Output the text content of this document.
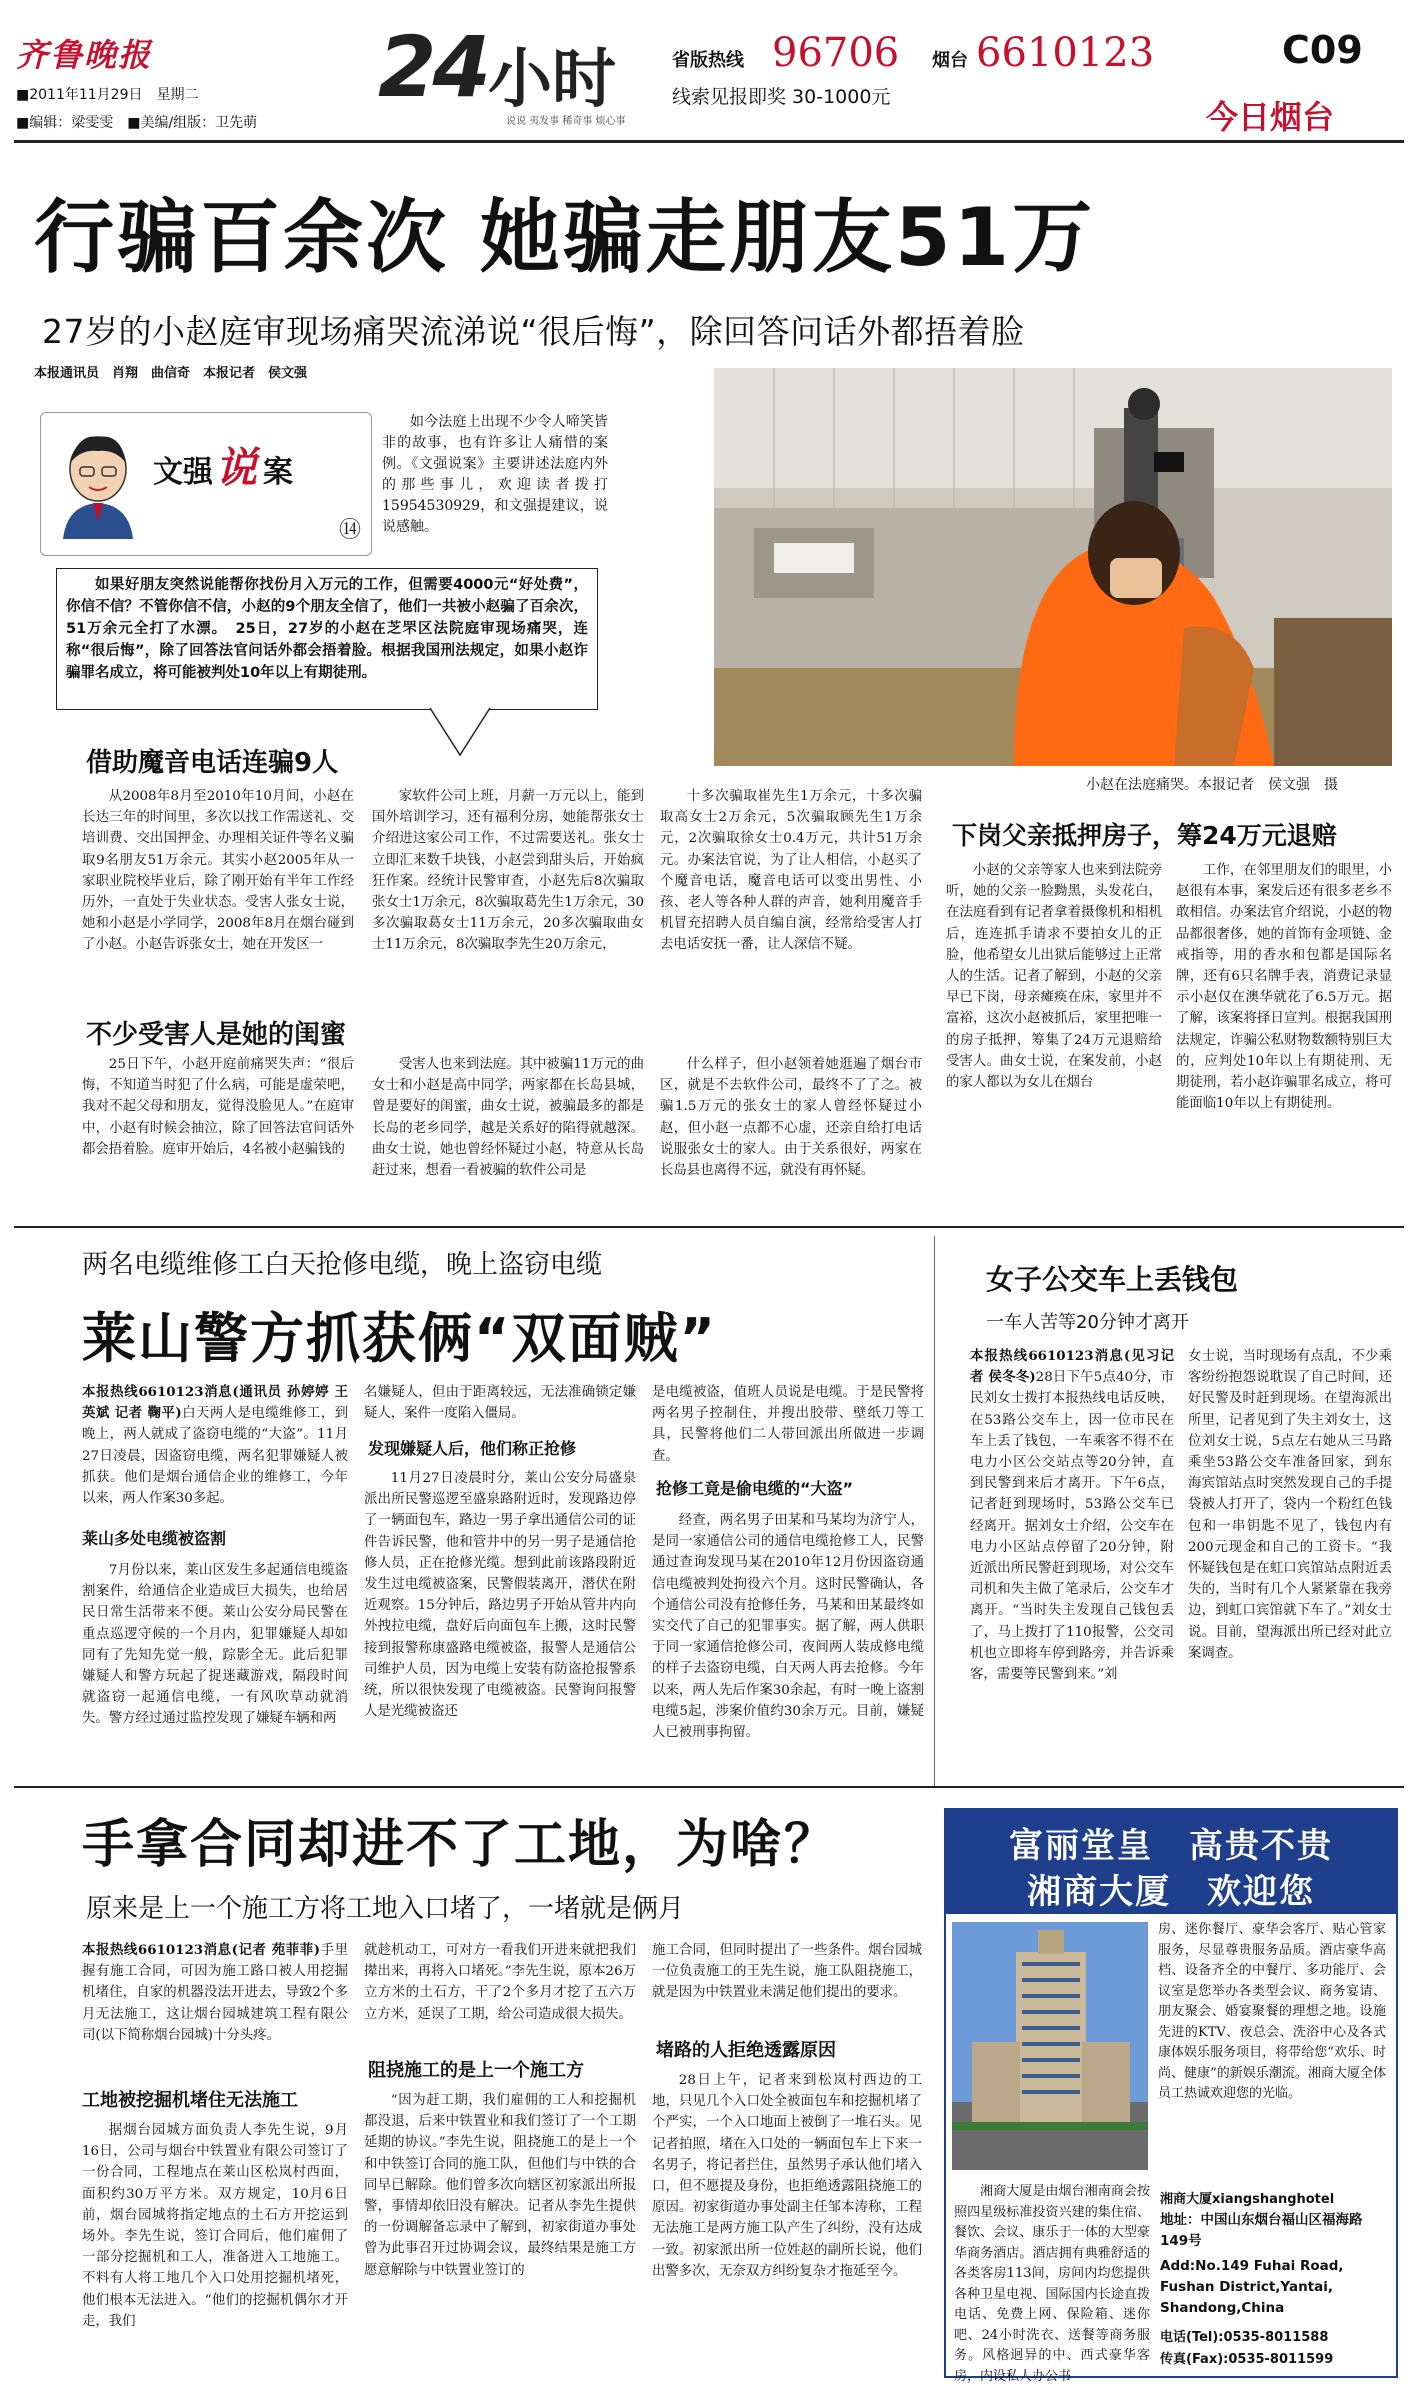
齐鲁晚报
■2011年11月29日　星期二
■编辑：梁雯雯　■美编/组版：卫先萌
24 小时
说说 夷发事 稀奇事 烦心事
省版热线 96706 烟台 6610123
线索见报即奖 30-1000元
C09
今日烟台
行骗百余次 她骗走朋友51万
27岁的小赵庭审现场痛哭流涕说“很后悔”，除回答问话外都捂着脸
本报通讯员　肖翔　曲信奇　本报记者　侯文强
文强 说 案
⑭

如今法庭上出现不少令人啼笑皆非的故事，也有许多让人痛惜的案例。《文强说案》主要讲述法庭内外的那些事儿，欢迎读者拨打15954530929，和文强提建议，说说感触。

如果好朋友突然说能帮你找份月入万元的工作，但需要4000元“好处费”，你信不信？不管你信不信，小赵的9个朋友全信了，他们一共被小赵骗了百余次，51万余元全打了水漂。　25日，27岁的小赵在芝罘区法院庭审现场痛哭，连称“很后悔”，除了回答法官问话外都会捂着脸。根据我国刑法规定，如果小赵诈骗罪名成立，将可能被判处10年以上有期徒刑。

小赵在法庭痛哭。本报记者　侯文强　摄
借助魔音电话连骗9人

从2008年8月至2010年10月间，小赵在长达三年的时间里，多次以找工作需送礼、交培训费、交出国押金、办理相关证件等名义骗取9名朋友51万余元。其实小赵2005年从一家职业院校毕业后，除了刚开始有半年工作经历外，一直处于失业状态。受害人张女士说，她和小赵是小学同学，2008年8月在烟台碰到了小赵。小赵告诉张女士，她在开发区一

家软件公司上班，月薪一万元以上，能到国外培训学习，还有福利分房，她能帮张女士介绍进这家公司工作，不过需要送礼。张女士立即汇来数千块钱，小赵尝到甜头后，开始疯狂作案。经统计民警审查，小赵先后8次骗取张女士1万余元，8次骗取葛先生1万余元，30多次骗取葛女士11万余元，20多次骗取曲女士11万余元，8次骗取李先生20万余元，

十多次骗取崔先生1万余元，十多次骗取高女士2万余元，5次骗取顾先生1万余元，2次骗取徐女士0.4万元，共计51万余元。办案法官说，为了让人相信，小赵买了个魔音电话，魔音电话可以变出男性、小孩、老人等各种人群的声音，她利用魔音手机冒充招聘人员自编自演，经常给受害人打去电话安抚一番，让人深信不疑。

不少受害人是她的闺蜜

25日下午，小赵开庭前痛哭失声：“很后悔，不知道当时犯了什么病，可能是虚荣吧，我对不起父母和朋友，觉得没脸见人。”在庭审中，小赵有时候会抽泣，除了回答法官问话外都会捂着脸。庭审开始后，4名被小赵骗钱的

受害人也来到法庭。其中被骗11万元的曲女士和小赵是高中同学，两家都在长岛县城，曾是要好的闺蜜，曲女士说，被骗最多的都是长岛的老乡同学，越是关系好的陷得就越深。曲女士说，她也曾经怀疑过小赵，特意从长岛赶过来，想看一看被骗的软件公司是

什么样子，但小赵领着她逛遍了烟台市区，就是不去软件公司，最终不了了之。被骗1.5万元的张女士的家人曾经怀疑过小赵，但小赵一点都不心虚，还亲自给打电话说服张女士的家人。由于关系很好，两家在长岛县也离得不远，就没有再怀疑。

下岗父亲抵押房子，筹24万元退赔

小赵的父亲等家人也来到法院旁听，她的父亲一脸黝黑，头发花白，在法庭看到有记者拿着摄像机和相机后，连连抓手请求不要拍女儿的正脸，他希望女儿出狱后能够过上正常人的生活。记者了解到，小赵的父亲早已下岗，母亲瘫痪在床，家里并不富裕，这次小赵被抓后，家里把唯一的房子抵押，筹集了24万元退赔给受害人。曲女士说，在案发前，小赵的家人都以为女儿在烟台

工作，在邻里朋友们的眼里，小赵很有本事，案发后还有很多老乡不敢相信。办案法官介绍说，小赵的物品都很奢侈，她的首饰有金项链、金戒指等，用的香水和包都是国际名牌，还有6只名牌手表，消费记录显示小赵仅在澳华就花了6.5万元。据了解，该案将择日宣判。根据我国刑法规定，诈骗公私财物数额特别巨大的，应判处10年以上有期徒刑、无期徒刑，若小赵诈骗罪名成立，将可能面临10年以上有期徒刑。

两名电缆维修工白天抢修电缆，晚上盗窃电缆
莱山警方抓获俩“双面贼”

本报热线6610123消息(通讯员 孙婷婷 王英斌 记者 鞠平)白天两人是电缆维修工，到晚上，两人就成了盗窃电缆的“大盗”。11月27日凌晨，因盗窃电缆，两名犯罪嫌疑人被抓获。他们是烟台通信企业的维修工，今年以来，两人作案30多起。

莱山多处电缆被盗割

7月份以来，莱山区发生多起通信电缆盗割案件，给通信企业造成巨大损失，也给居民日常生活带来不便。莱山公安分局民警在重点巡逻守候的一个月内，犯罪嫌疑人却如同有了先知先觉一般，踪影全无。此后犯罪嫌疑人和警方玩起了捉迷藏游戏，隔段时间就盗窃一起通信电缆，一有风吹草动就消失。警方经过通过监控发现了嫌疑车辆和两

名嫌疑人，但由于距离较远，无法准确锁定嫌疑人，案件一度陷入僵局。

发现嫌疑人后，他们称正抢修

11月27日凌晨时分，莱山公安分局盛泉派出所民警巡逻至盛泉路附近时，发现路边停了一辆面包车，路边一男子拿出通信公司的证件告诉民警，他和管井中的另一男子是通信抢修人员，正在抢修光缆。想到此前该路段附近发生过电缆被盗案，民警假装离开，潜伏在附近观察。15分钟后，路边男子开始从管井内向外拽拉电缆，盘好后向面包车上搬，这时民警接到报警称康盛路电缆被盗，报警人是通信公司维护人员，因为电缆上安装有防盗抢报警系统，所以很快发现了电缆被盗。民警询问报警人是光缆被盗还

是电缆被盗，值班人员说是电缆。于是民警将两名男子控制住，并搜出胶带、壁纸刀等工具，民警将他们二人带回派出所做进一步调查。

抢修工竟是偷电缆的“大盗”

经查，两名男子田某和马某均为济宁人，是同一家通信公司的通信电缆抢修工人，民警通过查询发现马某在2010年12月份因盗窃通信电缆被判处拘役六个月。这时民警确认，各个通信公司没有抢修任务，马某和田某最终如实交代了自己的犯罪事实。据了解，两人供职于同一家通信抢修公司，夜间两人装成修电缆的样子去盗窃电缆，白天两人再去抢修。今年以来，两人先后作案30余起，有时一晚上盗割电缆5起，涉案价值约30余万元。目前，嫌疑人已被刑事拘留。

女子公交车上丢钱包
一车人苦等20分钟才离开

本报热线6610123消息(见习记者 侯冬冬)28日下午5点40分，市民刘女士拨打本报热线电话反映，在53路公交车上，因一位市民在车上丢了钱包，一车乘客不得不在电力小区公交站点等20分钟，直到民警到来后才离开。下午6点，记者赶到现场时，53路公交车已经离开。据刘女士介绍，公交车在电力小区站点停留了20分钟，附近派出所民警赶到现场，对公交车司机和失主做了笔录后，公交车才离开。“当时失主发现自己钱包丢了，马上拨打了110报警，公交司机也立即将车停到路旁，并告诉乘客，需要等民警到来。”刘

女士说，当时现场有点乱，不少乘客纷纷抱怨说耽误了自己时间，还好民警及时赶到现场。在望海派出所里，记者见到了失主刘女士，这位刘女士说，5点左右她从三马路乘坐53路公交车准备回家，到东海宾馆站点时突然发现自己的手提袋被人打开了，袋内一个粉红色钱包和一串钥匙不见了，钱包内有200元现金和自己的工资卡。“我怀疑钱包是在虹口宾馆站点附近丢失的，当时有几个人紧紧靠在我旁边，到虹口宾馆就下车了。”刘女士说。目前，望海派出所已经对此立案调查。

手拿合同却进不了工地，为啥？
原来是上一个施工方将工地入口堵了，一堵就是俩月

本报热线6610123消息(记者 苑菲菲)手里握有施工合同，可因为施工路口被人用挖掘机堵住，自家的机器没法开进去，导致2个多月无法施工，这让烟台园城建筑工程有限公司(以下简称烟台园城)十分头疼。

工地被挖掘机堵住无法施工

据烟台园城方面负责人李先生说，9月16日，公司与烟台中铁置业有限公司签订了一份合同，工程地点在莱山区松岚村西面，面积约30万平方米。双方规定，10月6日前，烟台园城将指定地点的土石方开挖运到场外。李先生说，签订合同后，他们雇佣了一部分挖掘机和工人，准备进入工地施工。不料有人将工地几个入口处用挖掘机堵死，他们根本无法进入。“他们的挖掘机偶尔才开走，我们

就趁机动工，可对方一看我们开进来就把我们撵出来，再将入口堵死。”李先生说，原本26万立方米的土石方，干了2个多月才挖了五六万立方米，延误了工期，给公司造成很大损失。

阻挠施工的是上一个施工方

“因为赶工期，我们雇佣的工人和挖掘机都没退，后来中铁置业和我们签订了一个工期延期的协议。”李先生说，阻挠施工的是上一个和中铁签订合同的施工队，但他们与中铁的合同早已解除。他们曾多次向辖区初家派出所报警，事情却依旧没有解决。记者从李先生提供的一份调解备忘录中了解到，初家街道办事处曾为此事召开过协调会议，最终结果是施工方愿意解除与中铁置业签订的

施工合同，但同时提出了一些条件。烟台园城一位负责施工的王先生说，施工队阻挠施工，就是因为中铁置业未满足他们提出的要求。

堵路的人拒绝透露原因

28日上午，记者来到松岚村西边的工地，只见几个入口处全被面包车和挖掘机堵了个严实，一个入口地面上被倒了一堆石头。见记者拍照，堵在入口处的一辆面包车上下来一名男子，将记者拦住，虽然男子承认他们堵入口，但不愿提及身份，也拒绝透露阻挠施工的原因。初家街道办事处副主任邹本涛称，工程无法施工是两方施工队产生了纠纷，没有达成一致。初家派出所一位姓赵的副所长说，他们出警多次，无奈双方纠纷复杂才拖延至今。

富丽堂皇　高贵不贵
湘商大厦　欢迎您

房、迷你餐厅、豪华会客厅、贴心管家服务，尽显尊贵服务品质。酒店豪华高档、设备齐全的中餐厅、多功能厅、会议室是您举办各类型会议、商务宴请、朋友聚会、婚宴聚餐的理想之地。设施先进的KTV、夜总会、洗浴中心及各式康体娱乐服务项目，将带给您“欢乐、时尚、健康”的新娱乐潮流。湘商大厦全体员工热诚欢迎您的光临。

湘商大厦是由烟台湘南商会按照四星级标准投资兴建的集住宿、餐饮、会议、康乐于一体的大型豪华商务酒店。酒店拥有典雅舒适的各类客房113间，房间内均您提供各种卫星电视、国际国内长途直拨电话、免费上网、保险箱、迷你吧、24小时洗衣、送餐等商务服务。风格迥异的中、西式豪华客房，内设私人办公书

湘商大厦xiangshanghotel
地址：中国山东烟台福山区福海路149号
Add:No.149 Fuhai Road, Fushan District,Yantai, Shandong,China
电话(Tel):0535-8011588
传真(Fax):0535-8011599
